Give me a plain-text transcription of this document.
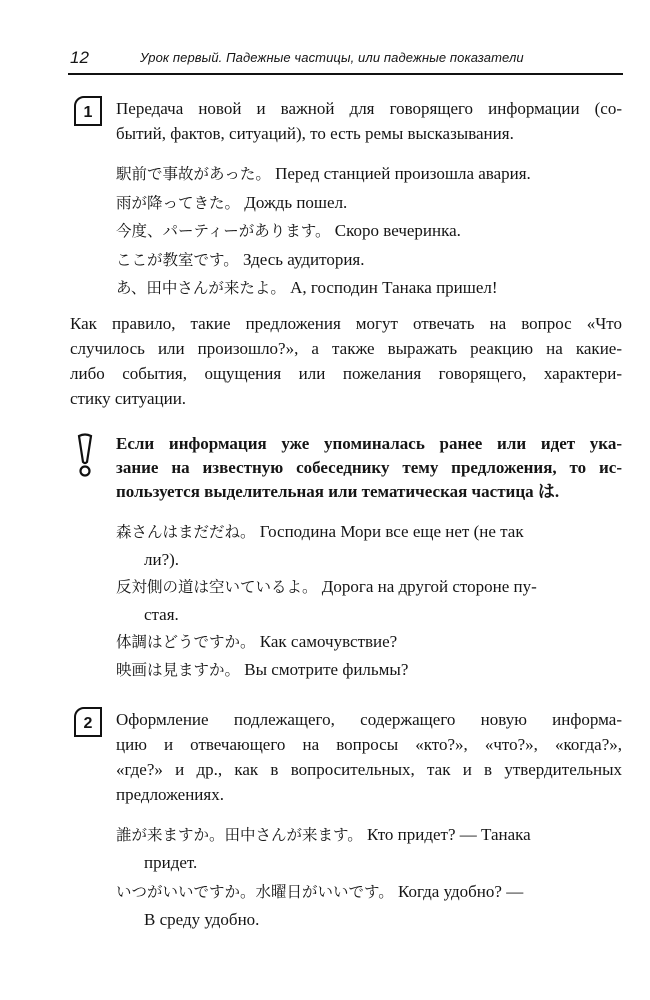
12	Урок первый. Падежные частицы, или падежные показатели
1	Передача новой и важной для говорящего информации (со-

бытий, фактов, ситуаций), то есть ремы высказывания.

駅前で事故があった。 Перед станцией произошла авария.

雨が降ってきた。 Дождь пошел.

今度、パーティーがあります。 Скоро вечеринка.

ここが教室です。 Здесь аудитория.

あ、田中さんが来たよ。 А, господин Танака пришел!

Как правило, такие предложения могут отвечать на вопрос «Что

случилось или произошло?», а также выражать реакцию на какие-

либо события, ощущения или пожелания говорящего, характери-

стику ситуации.

Если информация уже упоминалась ранее или идет ука-

зание на известную собеседнику тему предложения, то ис-

пользуется выделительная или тематическая частица は.

森さんはまだだね。 Господина Мори все еще нет (не так
ли?).

反対側の道は空いているよ。 Дорога на другой стороне пу-
стая.

体調はどうですか。 Как самочувствие?

映画は見ますか。 Вы смотрите фильмы?

2	Оформление подлежащего, содержащего новую информа-

цию и отвечающего на вопросы «кто?», «что?», «когда?»,

«где?» и др., как в вопросительных, так и в утвердительных

предложениях.

誰が来ますか。田中さんが来ます。 Кто придет? — Танака
придет.

いつがいいですか。水曜日がいいです。 Когда удобно? —
В среду удобно.
